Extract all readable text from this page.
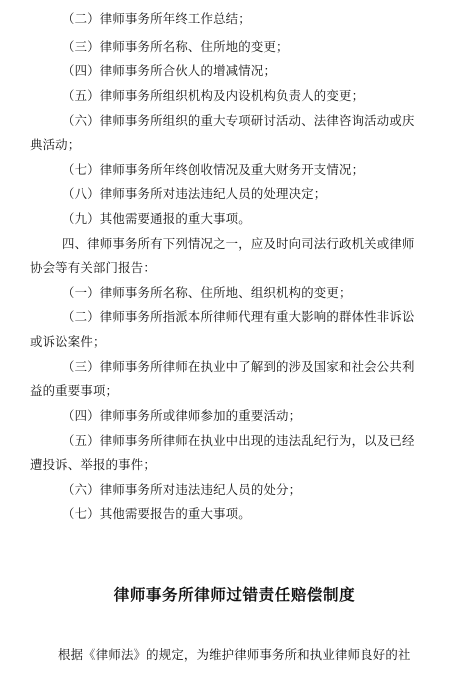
（二）律师事务所年终工作总结；
（三）律师事务所名称、住所地的变更；
（四）律师事务所合伙人的增减情况；
（五）律师事务所组织机构及内设机构负责人的变更；
（六）律师事务所组织的重大专项研讨活动、法律咨询活动或庆
典活动；
（七）律师事务所年终创收情况及重大财务开支情况；
（八）律师事务所对违法违纪人员的处理决定；
（九）其他需要通报的重大事项。
四、律师事务所有下列情况之一，应及时向司法行政机关或律师
协会等有关部门报告：
（一）律师事务所名称、住所地、组织机构的变更；
（二）律师事务所指派本所律师代理有重大影响的群体性非诉讼
或诉讼案件；
（三）律师事务所律师在执业中了解到的涉及国家和社会公共利
益的重要事项；
（四）律师事务所或律师参加的重要活动；
（五）律师事务所律师在执业中出现的违法乱纪行为，以及已经
遭投诉、举报的事件；
（六）律师事务所对违法违纪人员的处分；
（七）其他需要报告的重大事项。
律师事务所律师过错责任赔偿制度
根据《律师法》的规定，为维护律师事务所和执业律师良好的社
